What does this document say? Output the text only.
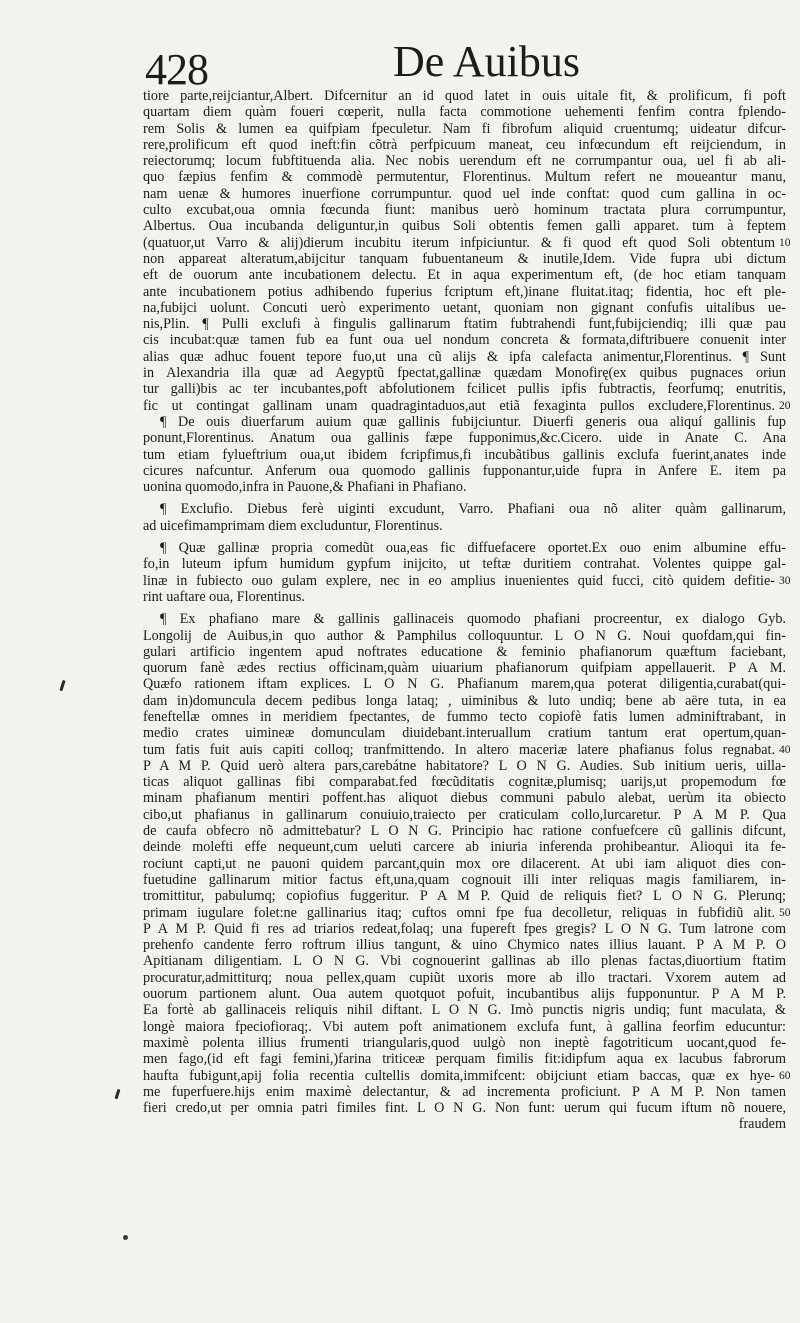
428	De Auibus
tiore parte,reijciantur,Albert. Difcernitur an id quod latet in ouis uitale fit, & prolificum, fi poft
quartam diem quàm foueri cœperit, nulla facta commotione uehementi fenfim contra fplendo-
rem Solis & lumen ea quifpiam fpeculetur. Nam fi fibrofum aliquid cruentumq; uideatur difcur-
rere,prolificum eft quod ineft:fin cõtrà perfpicuum maneat, ceu infœcundum eft reijciendum, in
reiectorumq; locum fubftituenda alia. Nec nobis uerendum eft ne corrumpantur oua, uel fi ab ali-
quo fæpius fenfim & commodè permutentur, Florentinus. Multum refert ne moueantur manu,
nam uenæ & humores inuerfione corrumpuntur. quod uel inde conftat: quod cum gallina in oc-
culto excubat,oua omnia fœcunda fiunt: manibus uerò hominum tractata plura corrumpuntur,
Albertus. Oua incubanda deliguntur,in quibus Soli obtentis femen galli apparet. tum à feptem
(quatuor,ut Varro & alij)dierum incubitu iterum infpiciuntur. & fi quod eft quod Soli obtentum 10
non appareat alteratum,abijcitur tanquam fubuentaneum & inutile,Idem. Vide fupra ubi dictum
eft de ouorum ante incubationem delectu. Et in aqua experimentum eft, (de hoc etiam tanquam
ante incubationem potius adhibendo fuperius fcriptum eft,)inane fluitat.itaq; fidentia, hoc eft ple-
na,fubijci uolunt. Concuti uerò experimento uetant, quoniam non gignant confufis uitalibus ue-
nis,Plin. ¶ Pulli exclufi à fingulis gallinarum ftatim fubtrahendi funt,fubijciendiq; illi quæ pau
cis incubat:quæ tamen fub ea funt oua uel nondum concreta & formata,diftribuere conuenit inter
alias quæ adhuc fouent tepore fuo,ut una cũ alijs & ipfa calefacta animentur,Florentinus. ¶ Sunt
in Alexandria illa quæ ad Aegyptũ fpectat,gallinæ quædam Monofirę(ex quibus pugnaces oriun
tur galli)bis ac ter incubantes,poft abfolutionem fcilicet pullis ipfis fubtractis, feorfumq; enutritis,
fic ut contingat gallinam unam quadragintaduos,aut etiã fexaginta pullos excludere,Florentinus. 20
¶ De ouis diuerfarum auium quæ gallinis fubijciuntur. Diuerfi generis oua aliquí gallinis fup
ponunt,Florentinus. Anatum oua gallinis fæpe fupponimus,&c.Cicero. uide in Anate C. Ana
tum etiam fylueftrium oua,ut ibidem fcripfimus,fi incubãtibus gallinis exclufa fuerint,anates inde
cicures nafcuntur. Anferum oua quomodo gallinis fupponantur,uide fupra in Anfere E. item pa
uonina quomodo,infra in Pauone,& Phafiani in Phafiano.
¶ Exclufio. Diebus ferè uiginti excudunt, Varro. Phafiani oua nõ aliter quàm gallinarum,
ad uicefimamprimam diem excluduntur, Florentinus.
¶ Quæ gallinæ propria comedũt oua,eas fic diffuefacere oportet.Ex ouo enim albumine effu-
fo,in luteum ipfum humidum gypfum inijcito, ut teftæ duritiem contrahat. Volentes quippe gal-
linæ in fubiecto ouo gulam explere, nec in eo amplius inuenientes quid fucci, citò quidem defitie- 30
rint uaftare oua, Florentinus.
¶ Ex phafiano mare & gallinis gallinaceis quomodo phafiani procreentur, ex dialogo Gyb.
Longolij de Auibus,in quo author & Pamphilus colloquuntur. L O N G. Noui quofdam,qui fin-
gulari artificio ingentem apud noftrates educatione & feminio phafianorum quæftum faciebant,
quorum fanè ædes rectius officinam,quàm uiuarium phafianorum quifpiam appellauerit. P A M.
Quæfo rationem iftam explices. L O N G. Phafianum marem,qua poterat diligentia,curabat(qui-
dam in)domuncula decem pedibus longa lataq; , uiminibus & luto undiq; bene ab aëre tuta, in ea
feneftellæ omnes in meridiem fpectantes, de fummo tecto copiofè fatis lumen adminiftrabant, in
medio crates uimineæ domunculam diuidebant.interuallum cratium tantum erat opertum,quan-
tum fatis fuit auis capiti colloq; tranfmittendo. In altero maceriæ latere phafianus folus regnabat. 40
P A M P. Quid uerò altera pars,carebátne habitatore? L O N G. Audies. Sub initium ueris, uilla-
ticas aliquot gallinas fibi comparabat.fed fœcũditatis cognitæ,plumisq; uarijs,ut propemodum fœ
minam phafianum mentiri poffent.has aliquot diebus communi pabulo alebat, uerùm ita obiecto
cibo,ut phafianus in gallinarum conuiuio,traiecto per craticulam collo,lurcaretur. P A M P. Qua
de caufa obfecro nõ admittebatur? L O N G. Principio hac ratione confuefcere cũ gallinis difcunt,
deinde molefti effe nequeunt,cum ueluti carcere ab iniuria inferenda prohibeantur. Alioqui ita fe-
rociunt capti,ut ne pauoni quidem parcant,quin mox ore dilacerent. At ubi iam aliquot dies con-
fuetudine gallinarum mitior factus eft,una,quam cognouit illi inter reliquas magis familiarem, in-
tromittitur, pabulumq; copiofius fuggeritur. P A M P. Quid de reliquis fiet? L O N G. Plerunq;
primam iugulare folet:ne gallinarius itaq; cuftos omni fpe fua decolletur, reliquas in fubfidiũ alit. 50
P A M P. Quid fi res ad triarios redeat,folaq; una fupereft fpes gregis? L O N G. Tum latrone com
prehenfo candente ferro roftrum illius tangunt, & uino Chymico nates illius lauant. P A M P. O
Apitianam diligentiam. L O N G. Vbi cognouerint gallinas ab illo plenas factas,diuortium ftatim
procuratur,admittiturq; noua pellex,quam cupiũt uxoris more ab illo tractari. Vxorem autem ad
ouorum partionem alunt. Oua autem quotquot pofuit, incubantibus alijs fupponuntur. P A M P.
Ea fortè ab gallinaceis reliquis nihil diftant. L O N G. Imò punctis nigris undiq; funt maculata, &
longè maiora fpeciofioraq;. Vbi autem poft animationem exclufa funt, à gallina feorfim educuntur:
maximè polenta illius frumenti triangularis,quod uulgò non ineptè fagotriticum uocant,quod fe-
men fago,(id eft fagi femini,)farina triticeæ perquam fimilis fit:idipfum aqua ex lacubus fabrorum
haufta fubigunt,apij folia recentia cultellis domita,immifcent: obijciunt etiam baccas, quæ ex hye- 60
me fuperfuere.hijs enim maximè delectantur, & ad incrementa proficiunt. P A M P. Non tamen
fieri credo,ut per omnia patri fimiles fint. L O N G. Non funt: uerum qui fucum iftum nõ nouere,
fraudem
